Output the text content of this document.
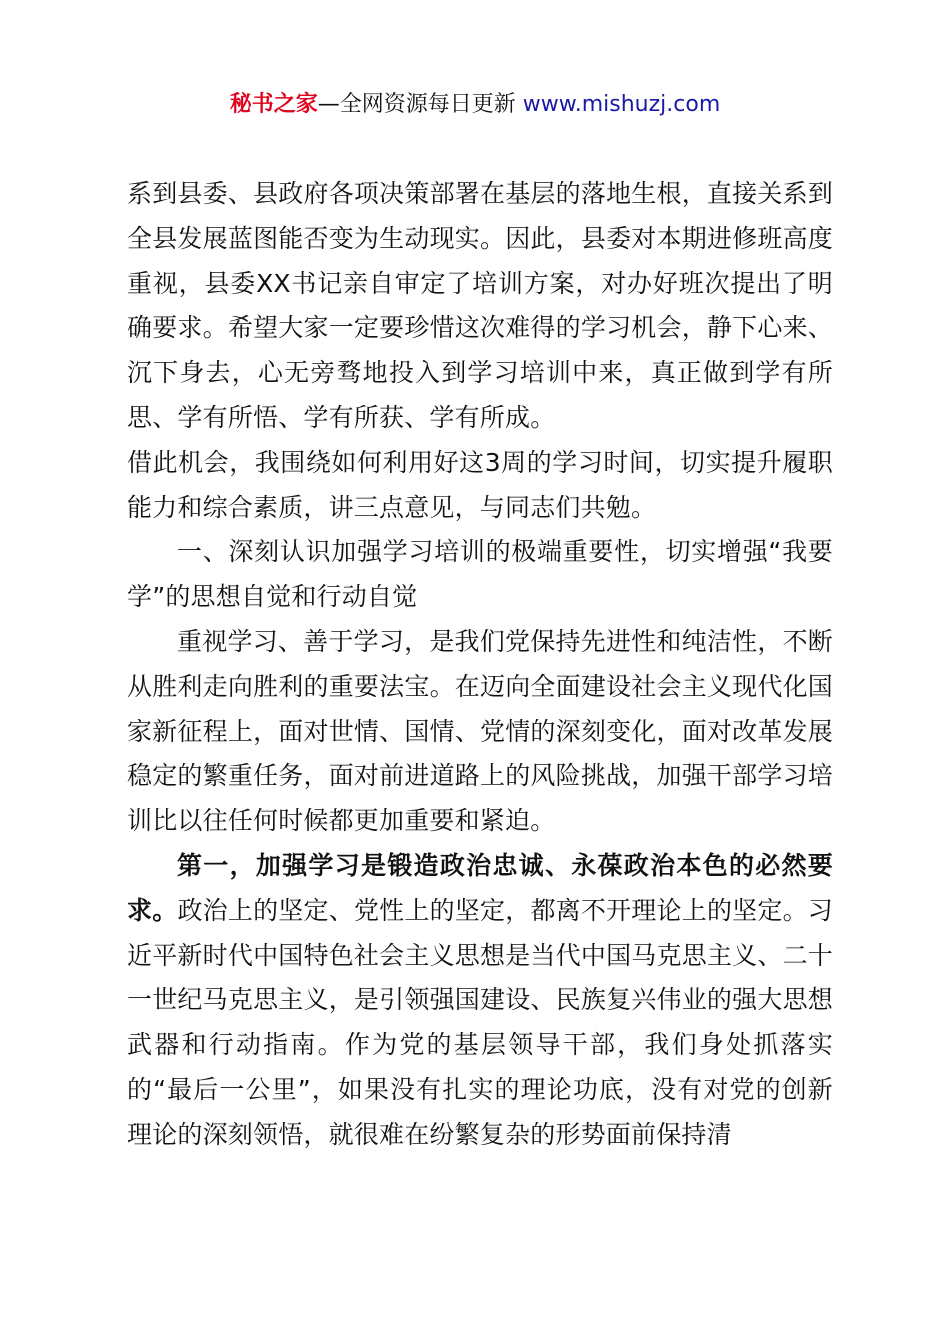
秘书之家—全网资源每日更新 www.mishuzj.com

系到县委、县政府各项决策部署在基层的落地生根，直接关系到全县发展蓝图能否变为生动现实。因此，县委对本期进修班高度重视，县委XX书记亲自审定了培训方案，对办好班次提出了明确要求。希望大家一定要珍惜这次难得的学习机会，静下心来、沉下身去，心无旁骛地投入到学习培训中来，真正做到学有所思、学有所悟、学有所获、学有所成。

借此机会，我围绕如何利用好这3周的学习时间，切实提升履职能力和综合素质，讲三点意见，与同志们共勉。

一、深刻认识加强学习培训的极端重要性，切实增强“我要学”的思想自觉和行动自觉

重视学习、善于学习，是我们党保持先进性和纯洁性，不断从胜利走向胜利的重要法宝。在迈向全面建设社会主义现代化国家新征程上，面对世情、国情、党情的深刻变化，面对改革发展稳定的繁重任务，面对前进道路上的风险挑战，加强干部学习培训比以往任何时候都更加重要和紧迫。

第一，加强学习是锻造政治忠诚、永葆政治本色的必然要求。政治上的坚定、党性上的坚定，都离不开理论上的坚定。习近平新时代中国特色社会主义思想是当代中国马克思主义、二十一世纪马克思主义，是引领强国建设、民族复兴伟业的强大思想武器和行动指南。作为党的基层领导干部，我们身处抓落实的“最后一公里”，如果没有扎实的理论功底，没有对党的创新理论的深刻领悟，就很难在纷繁复杂的形势面前保持清
